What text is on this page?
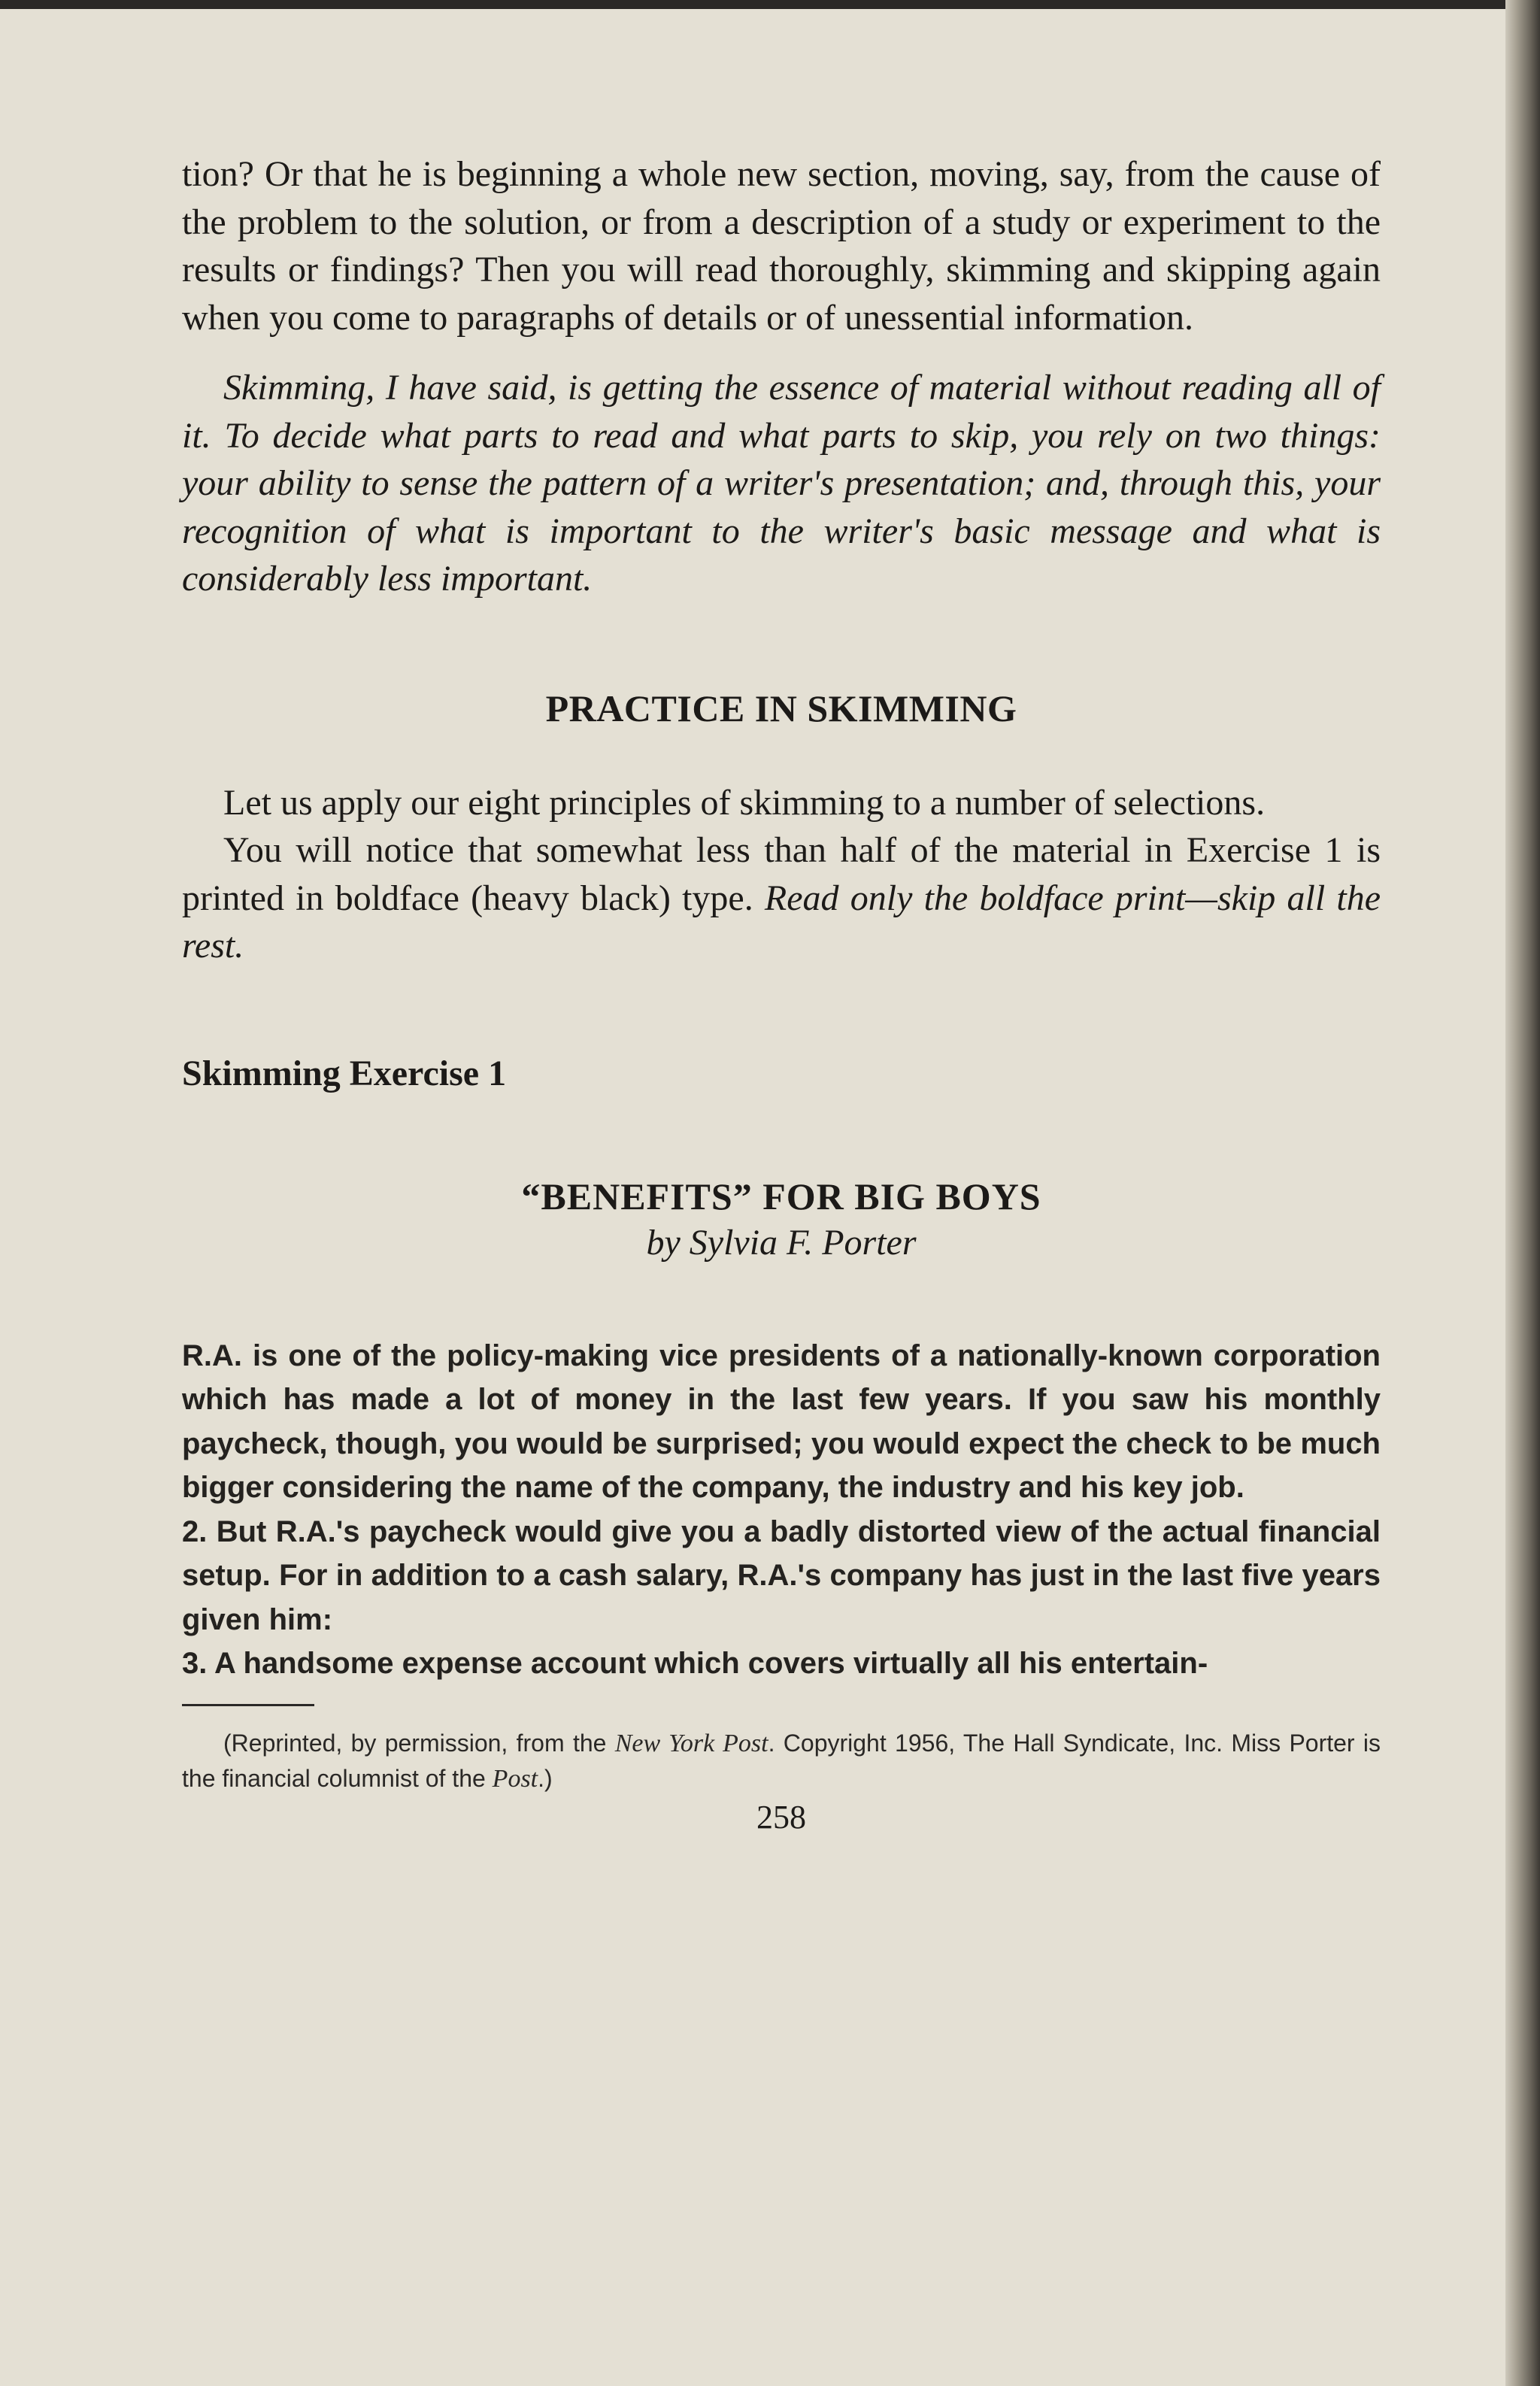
tion? Or that he is beginning a whole new section, moving, say, from the cause of the problem to the solution, or from a description of a study or experiment to the results or findings? Then you will read thoroughly, skimming and skipping again when you come to paragraphs of details or of unessential information.

Skimming, I have said, is getting the essence of material without reading all of it. To decide what parts to read and what parts to skip, you rely on two things: your ability to sense the pattern of a writer's presentation; and, through this, your recognition of what is important to the writer's basic message and what is considerably less important.

PRACTICE IN SKIMMING

Let us apply our eight principles of skimming to a number of selections.

You will notice that somewhat less than half of the material in Exercise 1 is printed in boldface (heavy black) type. Read only the boldface print—skip all the rest.

Skimming Exercise 1
“BENEFITS” FOR BIG BOYS

by Sylvia F. Porter

R.A. is one of the policy-making vice presidents of a nationally-known corporation which has made a lot of money in the last few years. If you saw his monthly paycheck, though, you would be surprised; you would expect the check to be much bigger considering the name of the company, the industry and his key job.

2. But R.A.'s paycheck would give you a badly distorted view of the actual financial setup. For in addition to a cash salary, R.A.'s company has just in the last five years given him:

3. A handsome expense account which covers virtually all his entertain-

(Reprinted, by permission, from the New York Post. Copyright 1956, The Hall Syndicate, Inc. Miss Porter is the financial columnist of the Post.)

258
